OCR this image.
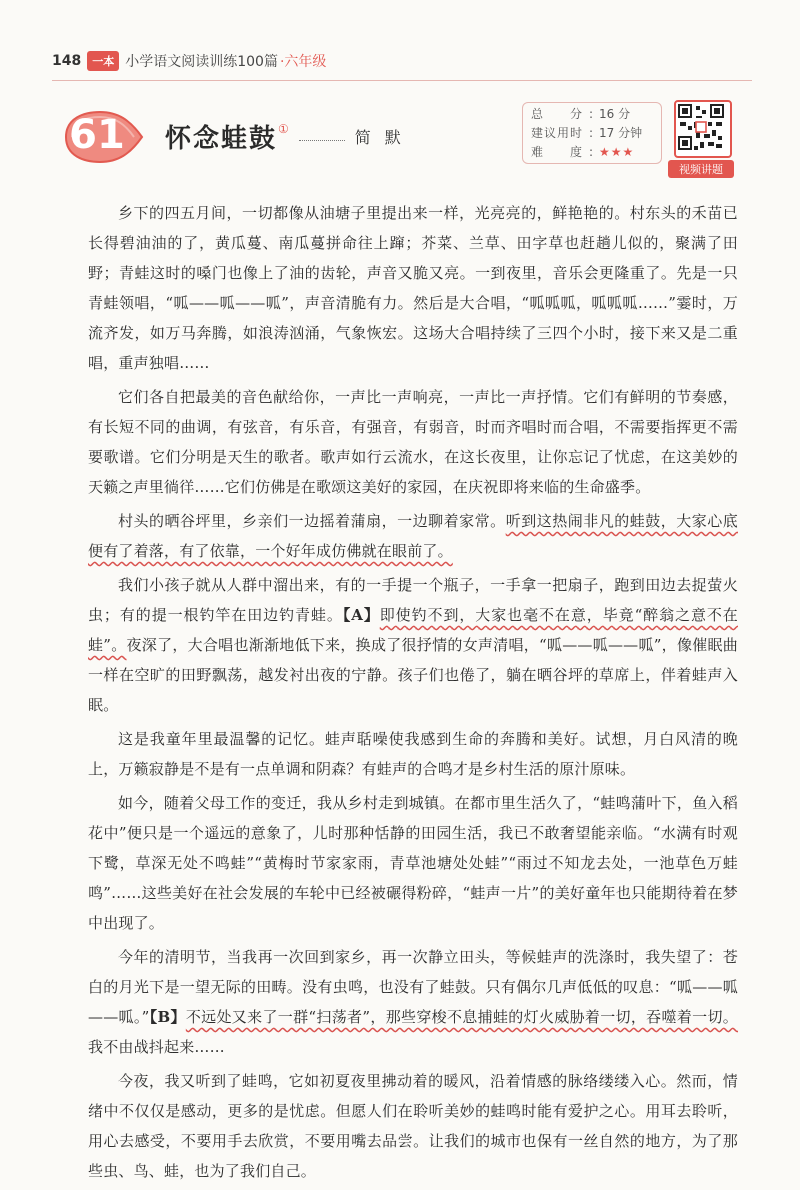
148	一本 小学语文阅读训练100篇 ·六年级
61	怀念蛙鼓 ①	简默
总　　分 : 16 分
建议用时 : 17 分钟
难　　度 : ★★★
视频讲题

乡下的四五月间，一切都像从油塘子里提出来一样，光亮亮的，鲜艳艳的。村东头的禾苗已长得碧油油的了，黄瓜蔓、南瓜蔓拼命往上蹿；芥菜、兰草、田字草也赶趟儿似的，聚满了田野；青蛙这时的嗓门也像上了油的齿轮，声音又脆又亮。一到夜里，音乐会更隆重了。先是一只青蛙领唱，“呱——呱——呱”，声音清脆有力。然后是大合唱，“呱呱呱，呱呱呱……”霎时，万流齐发，如万马奔腾，如浪涛汹涌，气象恢宏。这场大合唱持续了三四个小时，接下来又是二重唱，重声独唱……

它们各自把最美的音色献给你，一声比一声响亮，一声比一声抒情。它们有鲜明的节奏感，有长短不同的曲调，有弦音，有乐音，有强音，有弱音，时而齐唱时而合唱，不需要指挥更不需要歌谱。它们分明是天生的歌者。歌声如行云流水，在这长夜里，让你忘记了忧虑，在这美妙的天籁之声里徜徉……它们仿佛是在歌颂这美好的家园，在庆祝即将来临的生命盛季。

村头的晒谷坪里，乡亲们一边摇着蒲扇，一边聊着家常。听到这热闹非凡的蛙鼓，大家心底便有了着落，有了依靠，一个好年成仿佛就在眼前了。

我们小孩子就从人群中溜出来，有的一手提一个瓶子，一手拿一把扇子，跑到田边去捉萤火虫；有的提一根钓竿在田边钓青蛙。【A】即使钓不到，大家也毫不在意，毕竟“醉翁之意不在蛙”。夜深了，大合唱也渐渐地低下来，换成了很抒情的女声清唱，“呱——呱——呱”，像催眠曲一样在空旷的田野飘荡，越发衬出夜的宁静。孩子们也倦了，躺在晒谷坪的草席上，伴着蛙声入眠。

这是我童年里最温馨的记忆。蛙声聒噪使我感到生命的奔腾和美好。试想，月白风清的晚上，万籁寂静是不是有一点单调和阴森？有蛙声的合鸣才是乡村生活的原汁原味。

如今，随着父母工作的变迁，我从乡村走到城镇。在都市里生活久了，“蛙鸣蒲叶下，鱼入稻花中”便只是一个遥远的意象了，儿时那种恬静的田园生活，我已不敢奢望能亲临。“水满有时观下鹭，草深无处不鸣蛙”“黄梅时节家家雨，青草池塘处处蛙”“雨过不知龙去处，一池草色万蛙鸣”……这些美好在社会发展的车轮中已经被碾得粉碎，“蛙声一片”的美好童年也只能期待着在梦中出现了。

今年的清明节，当我再一次回到家乡，再一次静立田头，等候蛙声的洗涤时，我失望了：苍白的月光下是一望无际的田畴。没有虫鸣，也没有了蛙鼓。只有偶尔几声低低的叹息：“呱——呱——呱。”【B】不远处又来了一群“扫荡者”，那些穿梭不息捕蛙的灯火威胁着一切，吞噬着一切。我不由战抖起来……

今夜，我又听到了蛙鸣，它如初夏夜里拂动着的暖风，沿着情感的脉络缕缕入心。然而，情绪中不仅仅是感动，更多的是忧虑。但愿人们在聆听美妙的蛙鸣时能有爱护之心。用耳去聆听，用心去感受，不要用手去欣赏，不要用嘴去品尝。让我们的城市也保有一丝自然的地方，为了那些虫、鸟、蛙，也为了我们自己。
